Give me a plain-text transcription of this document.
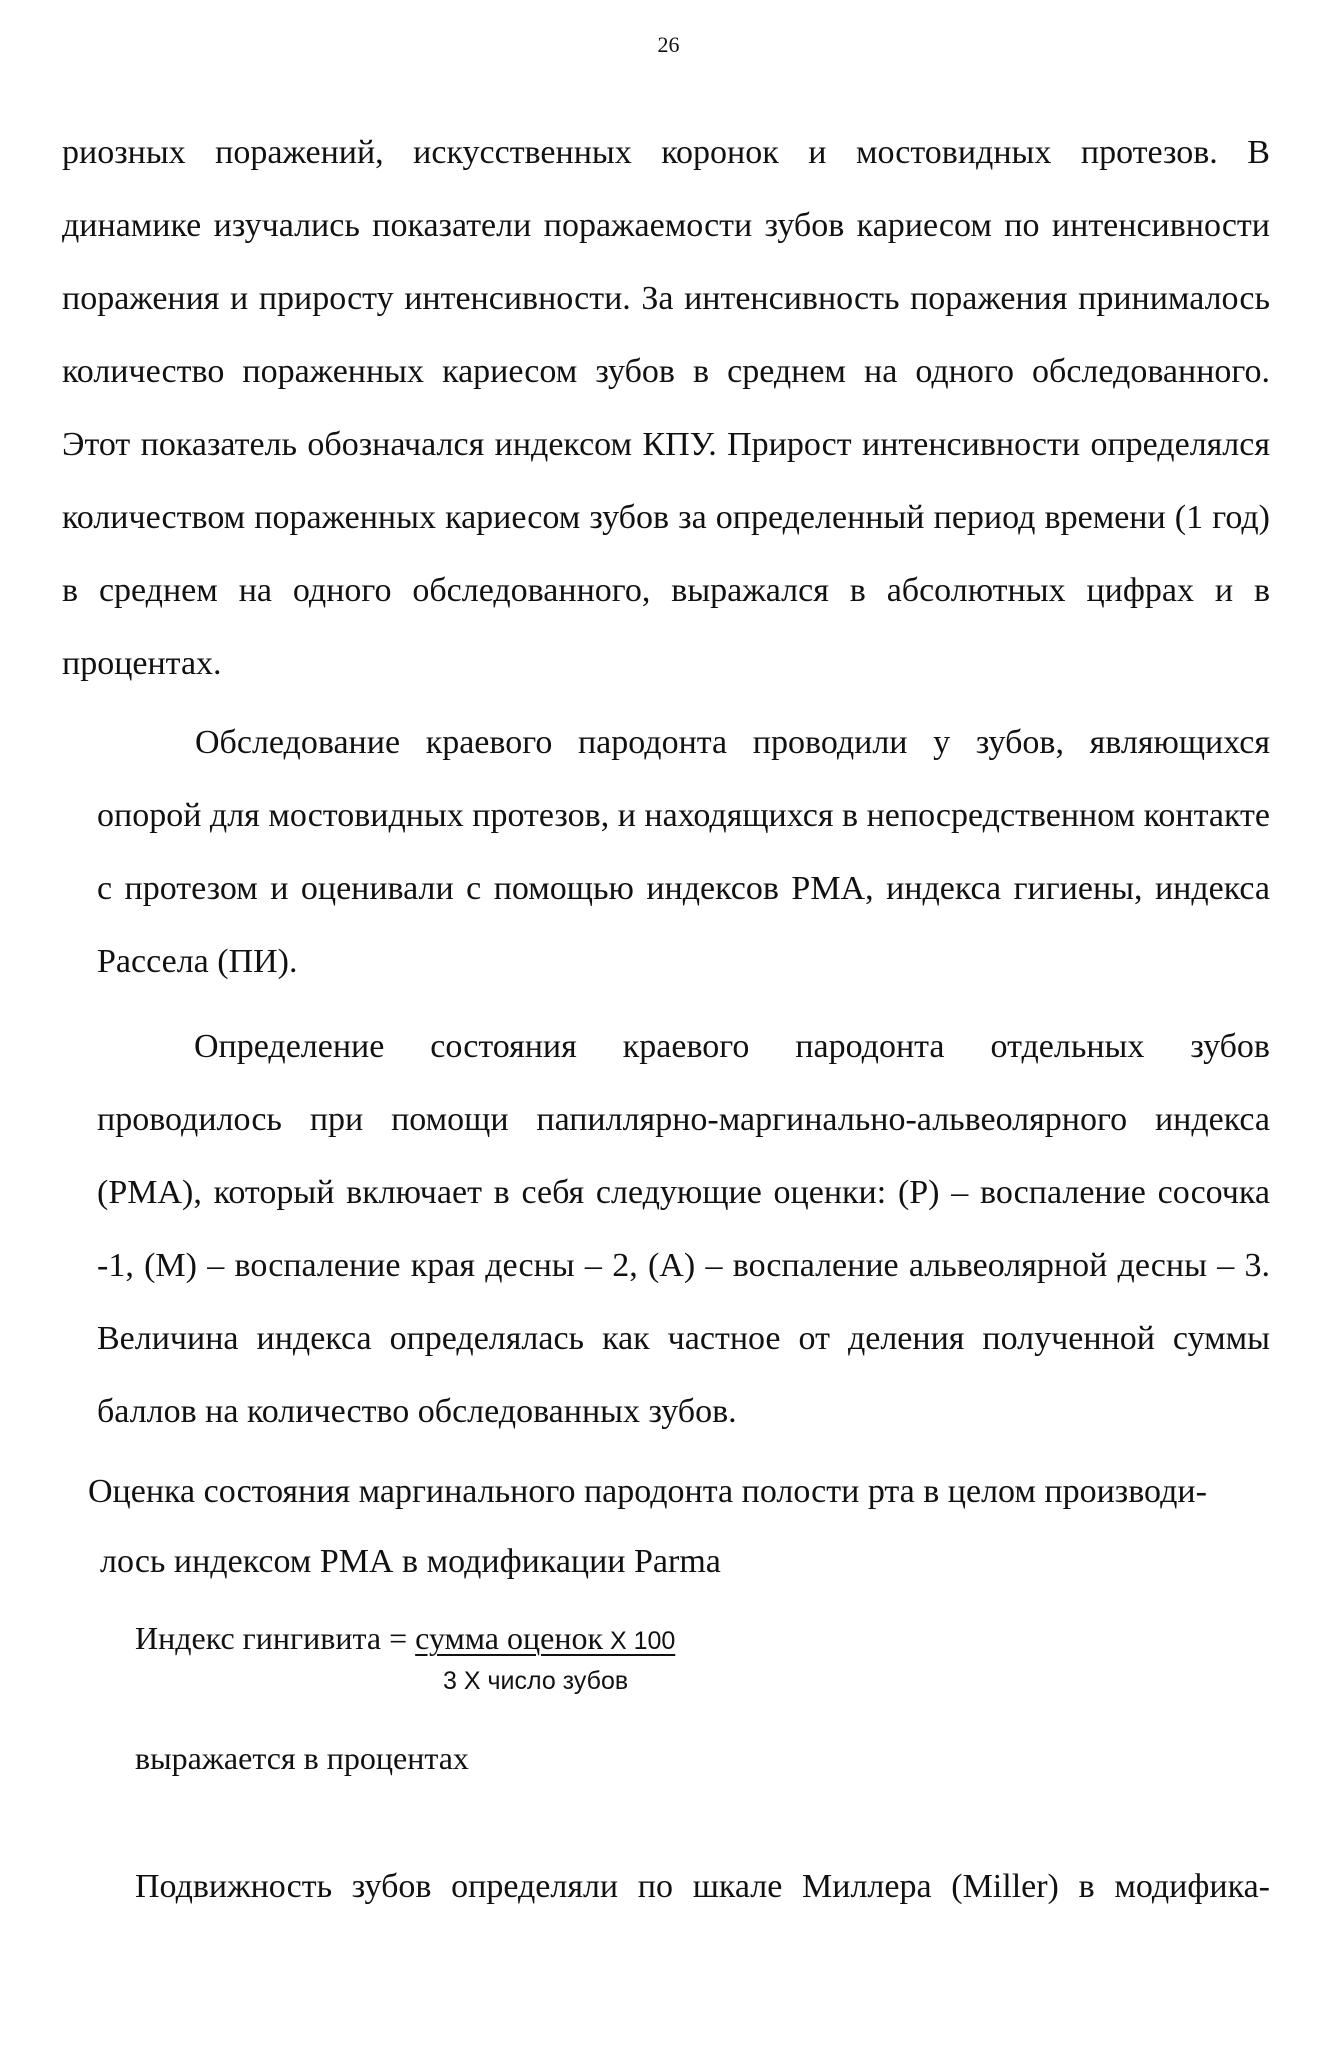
26

риозных поражений, искусственных коронок и мостовидных протезов. В динамике изучались показатели поражаемости зубов кариесом по интенсивности поражения и приросту интенсивности. За интенсивность поражения принималось количество пораженных кариесом зубов в среднем на одного обследованного. Этот показатель обозначался индексом КПУ. Прирост интенсивности определялся количеством пораженных кариесом зубов за определенный период времени (1 год) в среднем на одного обследованного, выражался в абсолютных цифрах и в процентах.

Обследование краевого пародонта проводили у зубов, являющихся опорой для мостовидных протезов, и находящихся в непосредственном контакте с протезом и оценивали с помощью индексов РМА, индекса гигиены, индекса Рассела (ПИ).

Определение состояния краевого пародонта отдельных зубов проводилось при помощи папиллярно-маргинально-альвеолярного индекса (РМА), который включает в себя следующие оценки: (Р) – воспаление сосочка -1, (М) – воспаление края десны – 2, (А) – воспаление альвеолярной десны – 3. Величина индекса определялась как частное от деления полученной суммы баллов на количество обследованных зубов.

Оценка состояния маргинального пародонта полости рта в целом производи-
лось индексом РМА в модификации Parma
Индекс гингивита = сумма оценок X 100
3 X число зубов
выражается в процентах
Подвижность зубов определяли по шкале Миллера (Miller) в модифика-
